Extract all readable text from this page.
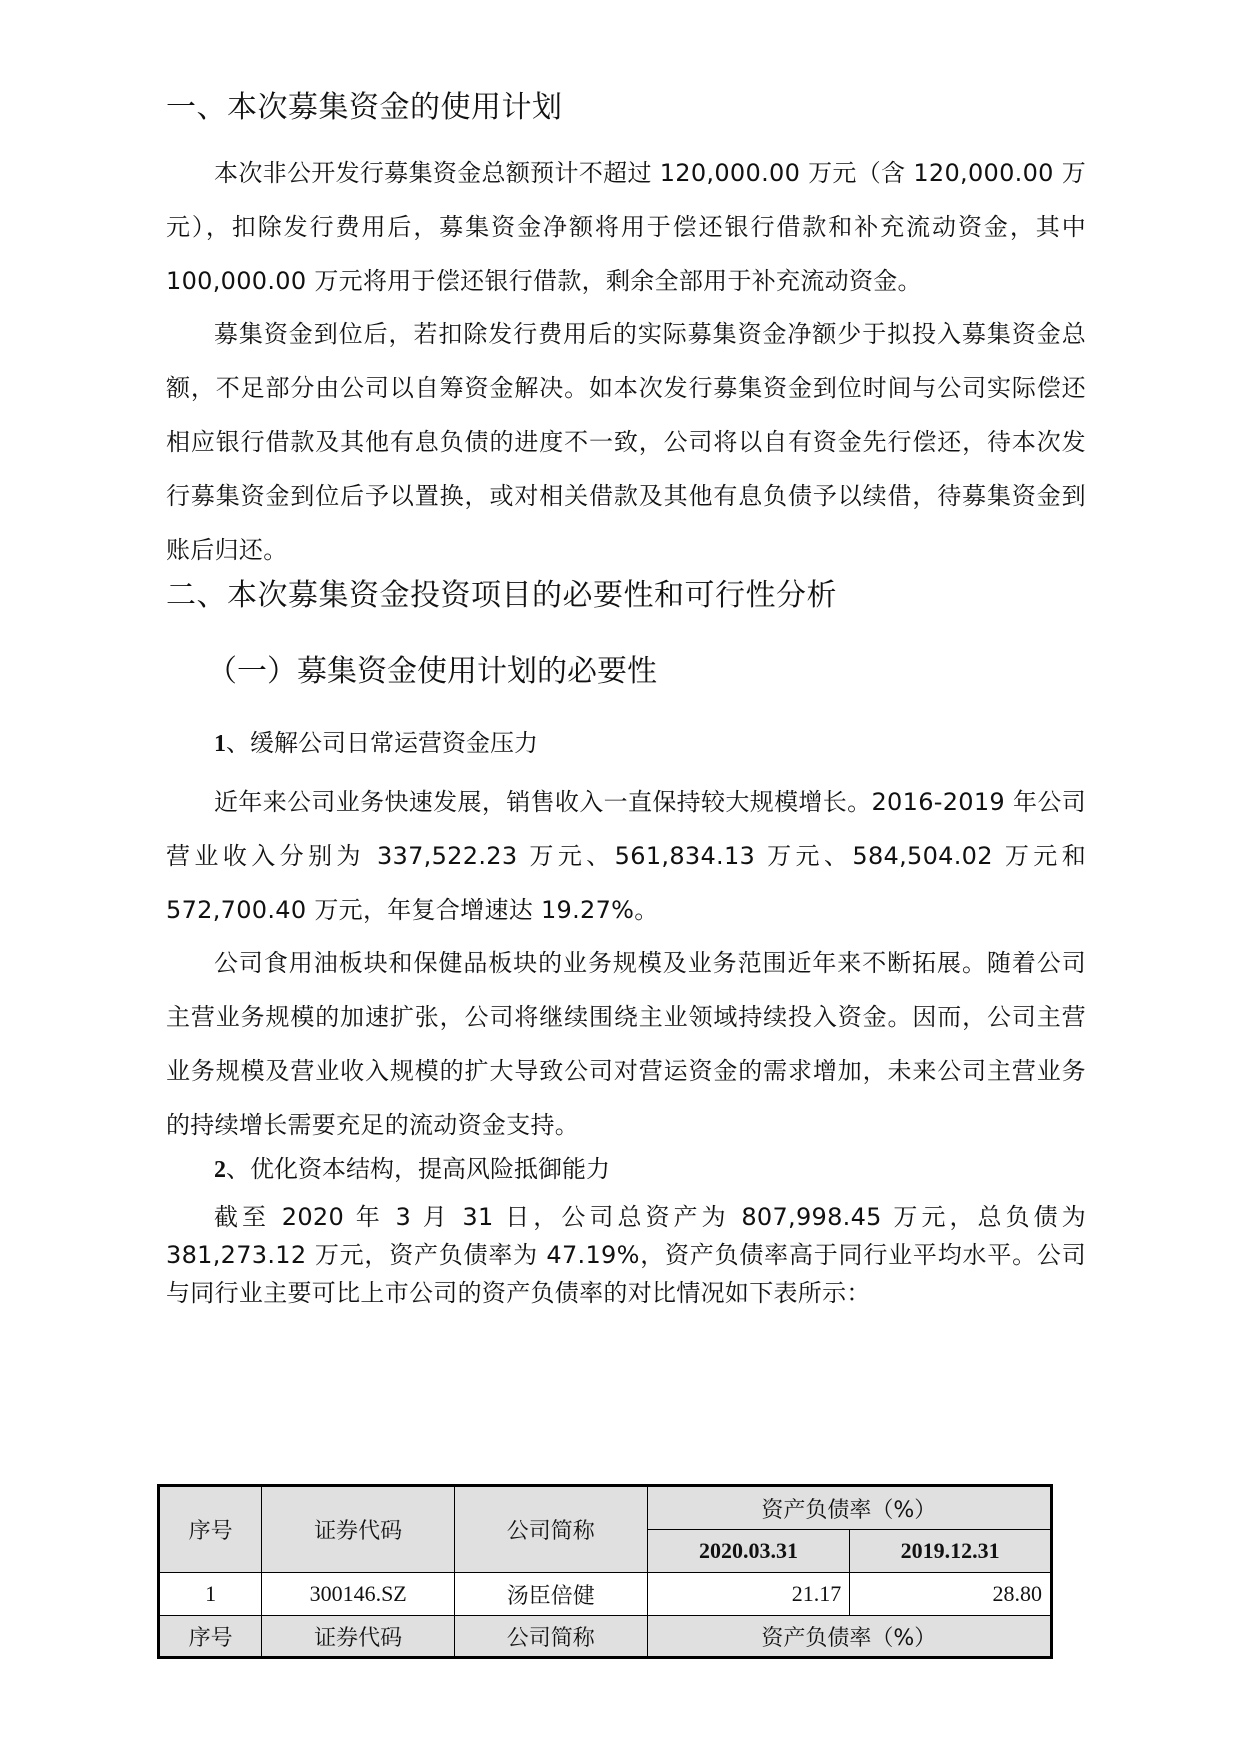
一、本次募集资金的使用计划
本次非公开发行募集资金总额预计不超过 120,000.00 万元（含 120,000.00 万元），扣除发行费用后，募集资金净额将用于偿还银行借款和补充流动资金，其中 100,000.00 万元将用于偿还银行借款，剩余全部用于补充流动资金。
募集资金到位后，若扣除发行费用后的实际募集资金净额少于拟投入募集资金总额，不足部分由公司以自筹资金解决。如本次发行募集资金到位时间与公司实际偿还相应银行借款及其他有息负债的进度不一致，公司将以自有资金先行偿还，待本次发行募集资金到位后予以置换，或对相关借款及其他有息负债予以续借，待募集资金到账后归还。
二、本次募集资金投资项目的必要性和可行性分析
（一）募集资金使用计划的必要性
1、缓解公司日常运营资金压力
近年来公司业务快速发展，销售收入一直保持较大规模增长。2016-2019 年公司营业收入分别为 337,522.23 万元、561,834.13 万元、584,504.02 万元和 572,700.40 万元，年复合增速达 19.27%。
公司食用油板块和保健品板块的业务规模及业务范围近年来不断拓展。随着公司主营业务规模的加速扩张，公司将继续围绕主业领域持续投入资金。因而，公司主营业务规模及营业收入规模的扩大导致公司对营运资金的需求增加，未来公司主营业务的持续增长需要充足的流动资金支持。
2、优化资本结构，提高风险抵御能力
截至 2020 年 3 月 31 日，公司总资产为 807,998.45 万元，总负债为 381,273.12 万元，资产负债率为 47.19%，资产负债率高于同行业平均水平。公司与同行业主要可比上市公司的资产负债率的对比情况如下表所示：
序号	证券代码	公司简称	资产负债率（%）	
			2020.03.31	2019.12.31
1	300146.SZ	汤臣倍健	21.17	28.80
序号	证券代码	公司简称	资产负债率（%）	
